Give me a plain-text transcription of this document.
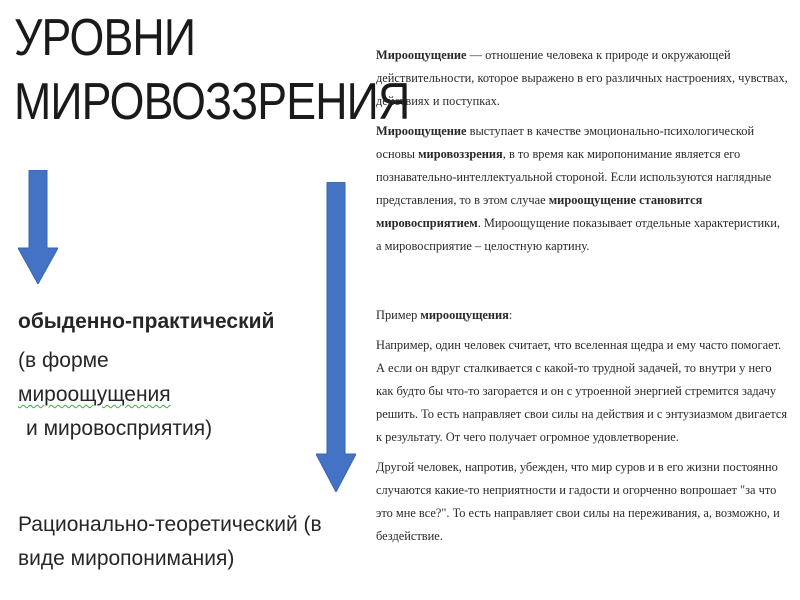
УРОВНИ
МИРОВОЗЗРЕНИЯ
обыденно-практический
(в форме
мироощущения
и мировосприятия)
Рационально-теоретический (в виде миропонимания)

Мироощущение — отношение человека к природе и окружающей действительности, которое выражено в его различных настроениях, чувствах, действиях и поступках.

Мироощущение выступает в качестве эмоционально-психологической основы мировоззрения, в то время как миропонимание является его познавательно-интеллектуальной стороной. Если используются наглядные представления, то в этом случае мироощущение становится мировосприятием. Мироощущение показывает отдельные характеристики, а мировосприятие – целостную картину.

Пример мироощущения:

Например, один человек считает, что вселенная щедра и ему часто помогает. А если он вдруг сталкивается с какой-то трудной задачей, то внутри у него как будто бы что-то загорается и он с утроенной энергией стремится задачу решить. То есть направляет свои силы на действия и с энтузиазмом двигается к результату. От чего получает огромное удовлетворение.

Другой человек, напротив, убежден, что мир суров и в его жизни постоянно случаются какие-то неприятности и гадости и огорченно вопрошает "за что это мне все?". То есть направляет свои силы на переживания, а, возможно, и бездействие.
